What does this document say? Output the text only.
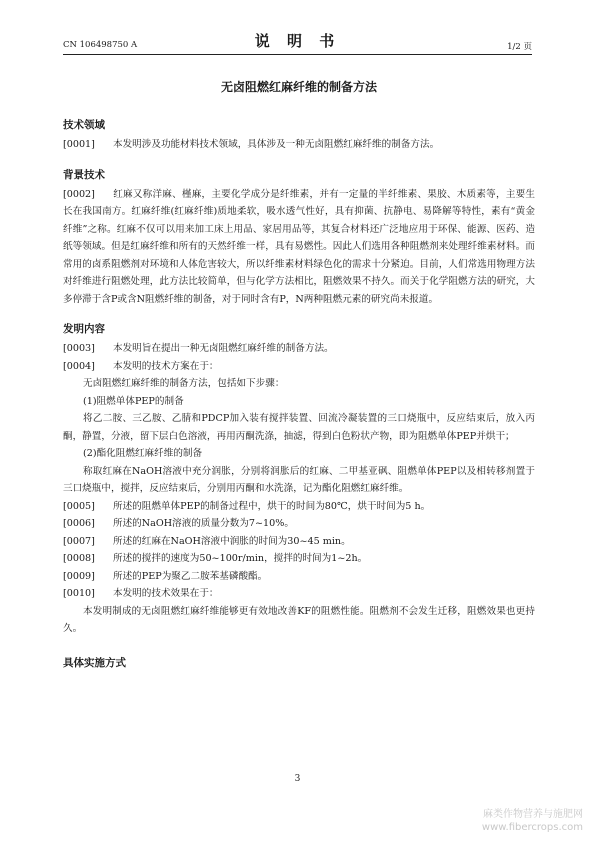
CN 106498750 A	说 明 书	1/2 页
无卤阻燃红麻纤维的制备方法
技术领域

[0001] 本发明涉及功能材料技术领域，具体涉及一种无卤阻燃红麻纤维的制备方法。

背景技术

[0002] 红麻又称洋麻、槿麻，主要化学成分是纤维素，并有一定量的半纤维素、果胶、木质素等，主要生长在我国南方。红麻纤维(红麻纤维)质地柔软，吸水透气性好，具有抑菌、抗静电、易降解等特性，素有“黄金纤维”之称。红麻不仅可以用来加工床上用品、家居用品等，其复合材料还广泛地应用于环保、能源、医药、造纸等领域。但是红麻纤维和所有的天然纤维一样，具有易燃性。因此人们选用各种阻燃剂来处理纤维素材料。而常用的卤系阻燃剂对环境和人体危害较大，所以纤维素材料绿色化的需求十分紧迫。目前，人们常选用物理方法对纤维进行阻燃处理，此方法比较简单，但与化学方法相比，阻燃效果不持久。而关于化学阻燃方法的研究，大多停滞于含P或含N阻燃纤维的制备，对于同时含有P，N两种阻燃元素的研究尚未报道。

发明内容

[0003] 本发明旨在提出一种无卤阻燃红麻纤维的制备方法。

[0004] 本发明的技术方案在于：

无卤阻燃红麻纤维的制备方法，包括如下步骤：

(1)阻燃单体PEP的制备

将乙二胺、三乙胺、乙腈和PDCP加入装有搅拌装置、回流冷凝装置的三口烧瓶中，反应结束后，放入丙酮，静置，分液，留下层白色溶液，再用丙酮洗涤，抽滤，得到白色粉状产物，即为阻燃单体PEP并烘干；

(2)酯化阻燃红麻纤维的制备

称取红麻在NaOH溶液中充分润胀，分别将润胀后的红麻、二甲基亚砜、阻燃单体PEP以及相转移剂置于三口烧瓶中，搅拌，反应结束后，分别用丙酮和水洗涤，记为酯化阻燃红麻纤维。

[0005] 所述的阻燃单体PEP的制备过程中，烘干的时间为80℃，烘干时间为5 h。

[0006] 所述的NaOH溶液的质量分数为7~10%。

[0007] 所述的红麻在NaOH溶液中润胀的时间为30~45 min。

[0008] 所述的搅拌的速度为50~100r/min，搅拌的时间为1~2h。

[0009] 所述的PEP为聚乙二胺苯基磷酸酯。

[0010] 本发明的技术效果在于：

本发明制成的无卤阻燃红麻纤维能够更有效地改善KF的阻燃性能。阻燃剂不会发生迁移，阻燃效果也更持久。

具体实施方式
3
麻类作物营养与施肥网
www.fibercrops.com
